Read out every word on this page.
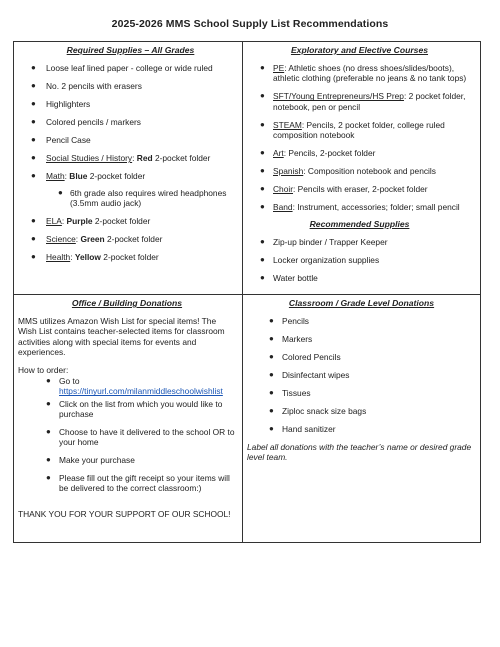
2025-2026 MMS School Supply List Recommendations
Required Supplies – All Grades
● Loose leaf lined paper - college or wide ruled
● No. 2 pencils with erasers
● Highlighters
● Colored pencils / markers
● Pencil Case
● Social Studies / History: Red 2-pocket folder
● Math: Blue 2-pocket folder
● 6th grade also requires wired headphones (3.5mm audio jack)
● ELA: Purple 2-pocket folder
● Science: Green 2-pocket folder
● Health: Yellow 2-pocket folder
Exploratory and Elective Courses
● PE: Athletic shoes (no dress shoes/slides/boots), athletic clothing (preferable no jeans & no tank tops)
● SFT/Young Entrepreneurs/HS Prep: 2 pocket folder, notebook, pen or pencil
● STEAM: Pencils, 2 pocket folder, college ruled composition notebook
● Art: Pencils, 2-pocket folder
● Spanish: Composition notebook and pencils
● Choir: Pencils with eraser, 2-pocket folder
● Band: Instrument, accessories; folder; small pencil
Recommended Supplies
● Zip-up binder / Trapper Keeper
● Locker organization supplies
● Water bottle
Office / Building Donations
MMS utilizes Amazon Wish List for special items! The Wish List contains teacher-selected items for classroom activities along with special items for events and experiences.
How to order:
● Go to
https://tinyurl.com/milanmiddleschoolwishlist
● Click on the list from which you would like to purchase
● Choose to have it delivered to the school OR to your home
● Make your purchase
● Please fill out the gift receipt so your items will be delivered to the correct classroom:)
THANK YOU FOR YOUR SUPPORT OF OUR SCHOOL!
Classroom / Grade Level Donations
● Pencils
● Markers
● Colored Pencils
● Disinfectant wipes
● Tissues
● Ziploc snack size bags
● Hand sanitizer
Label all donations with the teacher’s name or desired grade level team.
